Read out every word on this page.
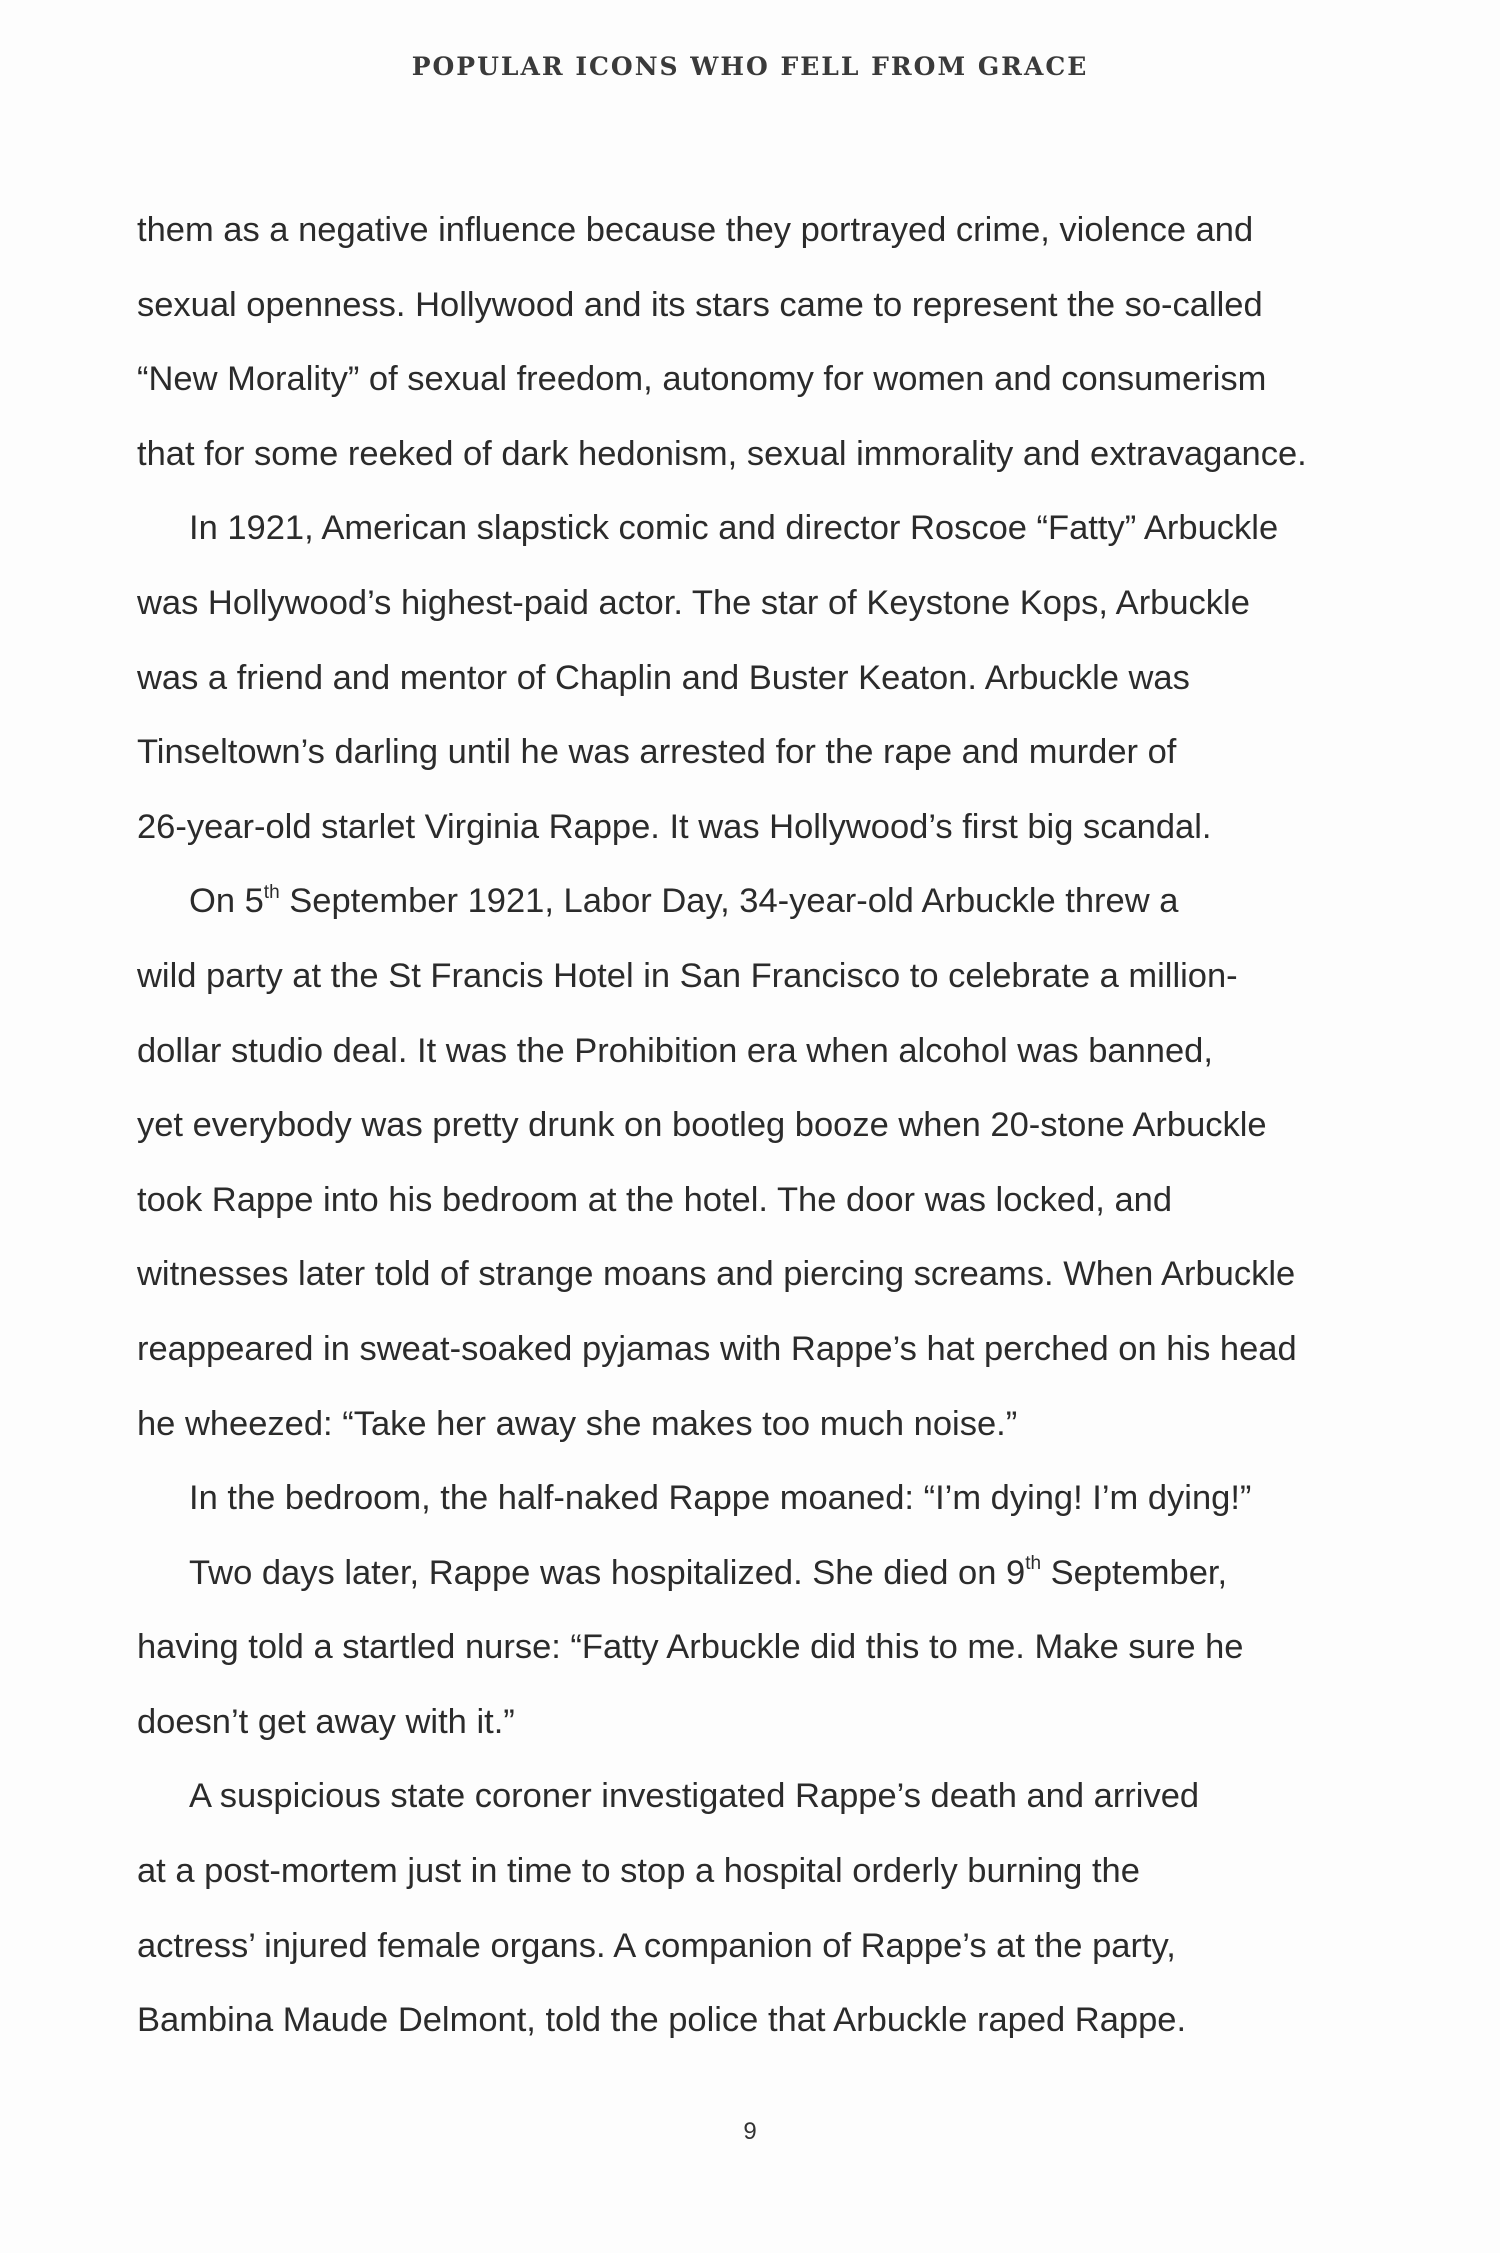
POPULAR ICONS WHO FELL FROM GRACE
them as a negative influence because they portrayed crime, violence and
sexual openness. Hollywood and its stars came to represent the so-called
“New Morality” of sexual freedom, autonomy for women and consumerism
that for some reeked of dark hedonism, sexual immorality and extravagance.
In 1921, American slapstick comic and director Roscoe “Fatty” Arbuckle
was Hollywood’s highest-paid actor. The star of Keystone Kops, Arbuckle
was a friend and mentor of Chaplin and Buster Keaton. Arbuckle was
Tinseltown’s darling until he was arrested for the rape and murder of
26-year-old starlet Virginia Rappe. It was Hollywood’s first big scandal.
On 5th September 1921, Labor Day, 34-year-old Arbuckle threw a
wild party at the St Francis Hotel in San Francisco to celebrate a million-
dollar studio deal. It was the Prohibition era when alcohol was banned,
yet everybody was pretty drunk on bootleg booze when 20-stone Arbuckle
took Rappe into his bedroom at the hotel. The door was locked, and
witnesses later told of strange moans and piercing screams. When Arbuckle
reappeared in sweat-soaked pyjamas with Rappe’s hat perched on his head
he wheezed: “Take her away she makes too much noise.”
In the bedroom, the half-naked Rappe moaned: “I’m dying! I’m dying!”
Two days later, Rappe was hospitalized. She died on 9th September,
having told a startled nurse: “Fatty Arbuckle did this to me. Make sure he
doesn’t get away with it.”
A suspicious state coroner investigated Rappe’s death and arrived
at a post-mortem just in time to stop a hospital orderly burning the
actress’ injured female organs. A companion of Rappe’s at the party,
Bambina Maude Delmont, told the police that Arbuckle raped Rappe.
9
